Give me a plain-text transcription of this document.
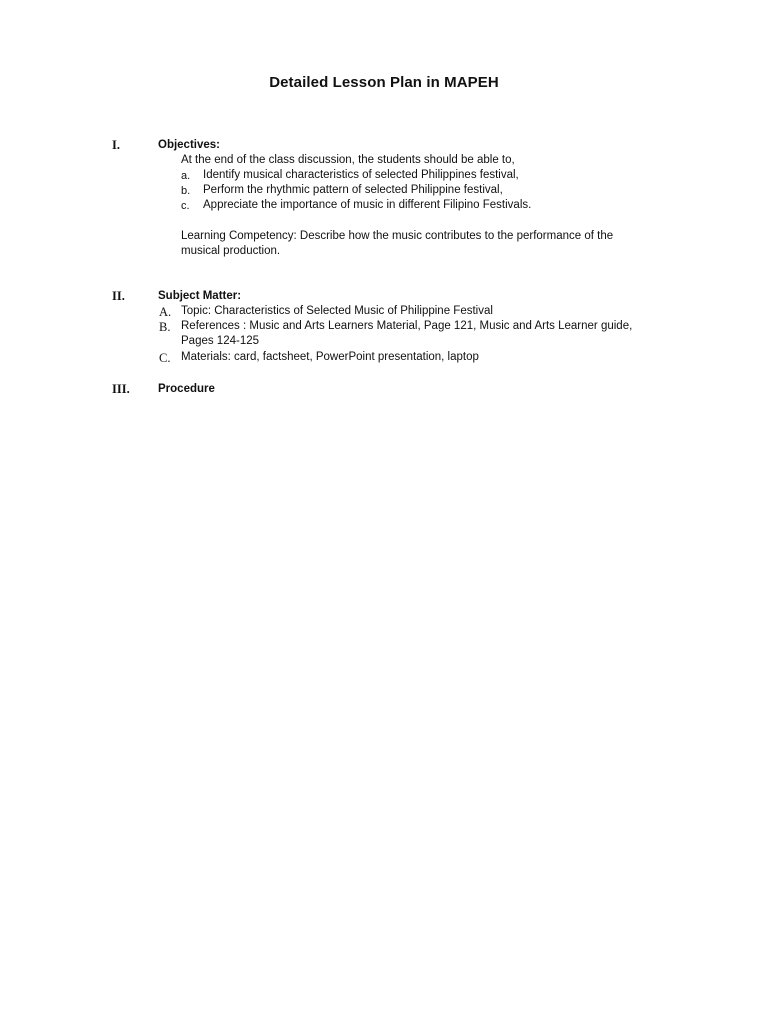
Detailed Lesson Plan in MAPEH
I.	Objectives:
At the end of the class discussion, the students should be able to,
a. Identify musical characteristics of selected Philippines festival,
b. Perform the rhythmic pattern of selected Philippine festival,
c. Appreciate the importance of music in different Filipino Festivals.
Learning Competency: Describe how the music contributes to the performance of the
musical production.
II.	Subject Matter:
A. Topic: Characteristics of Selected Music of Philippine Festival
B. References : Music and Arts Learners Material, Page 121, Music and Arts Learner guide,
Pages 124-125
C. Materials: card, factsheet, PowerPoint presentation, laptop
III. Procedure
